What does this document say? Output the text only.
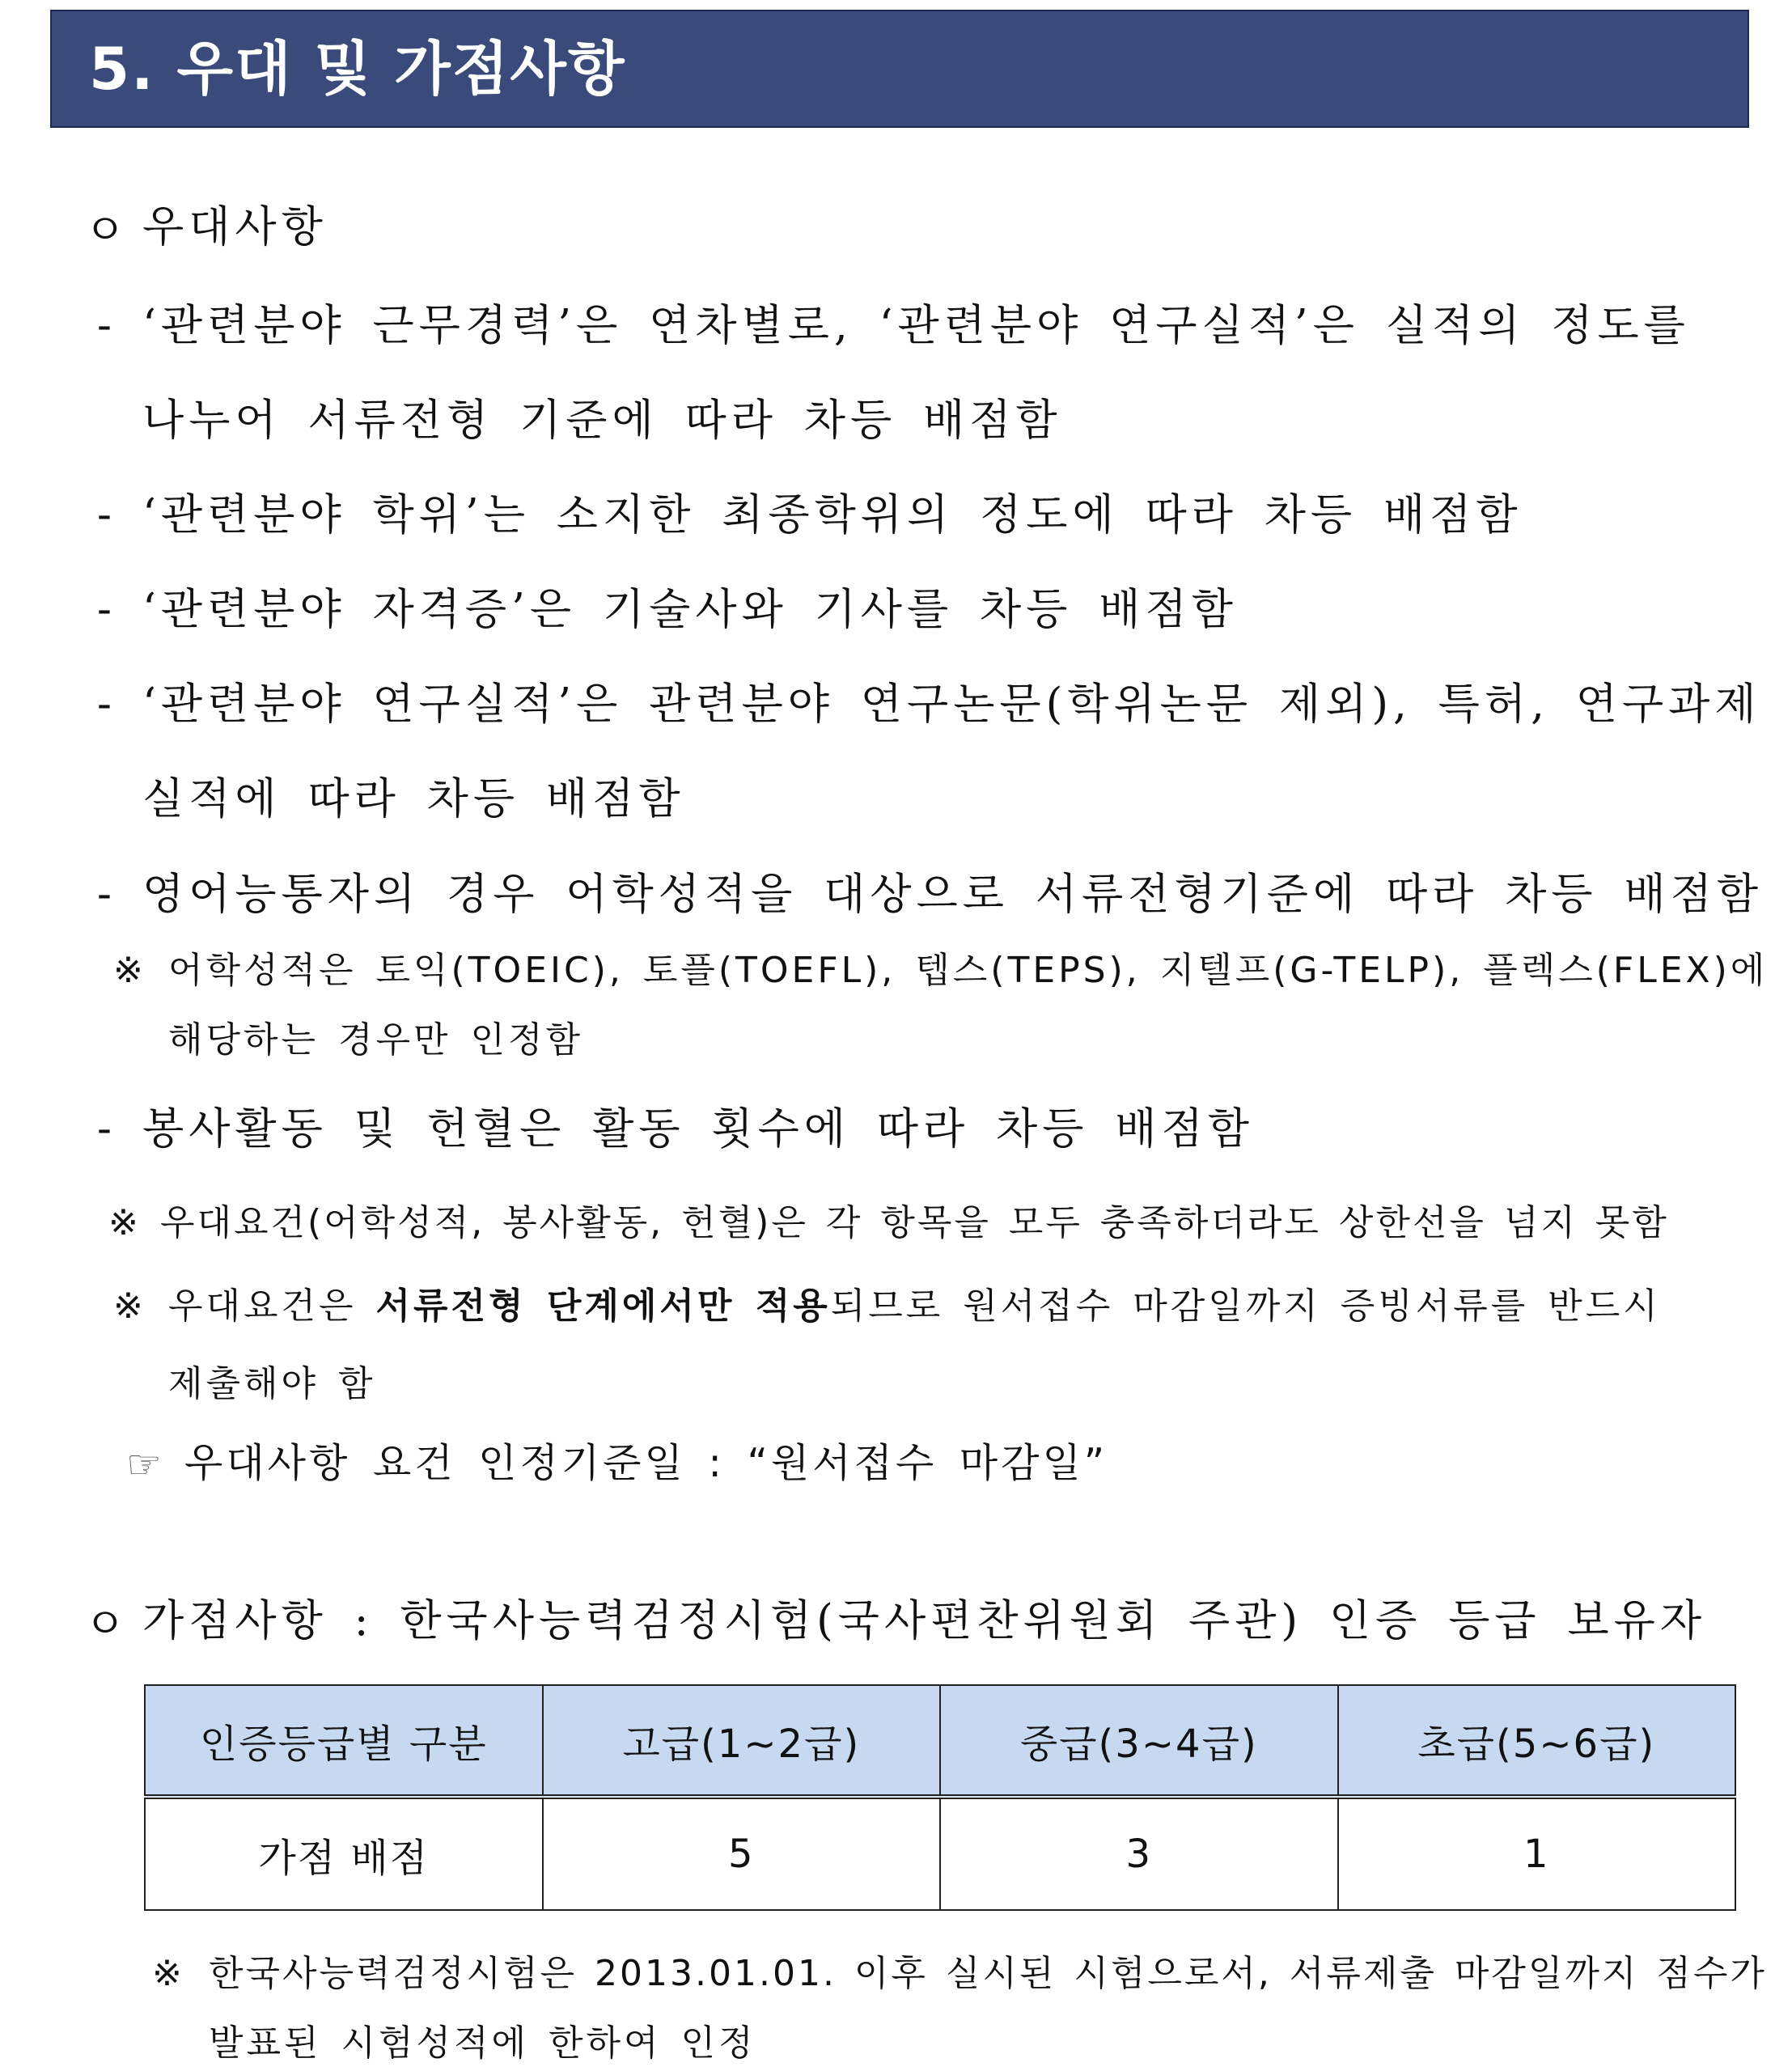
5. 우대 및 가점사항
ㅇ 우대사항
- ‘관련분야 근무경력’은 연차별로, ‘관련분야 연구실적’은 실적의 정도를
나누어 서류전형 기준에 따라 차등 배점함
- ‘관련분야 학위’는 소지한 최종학위의 정도에 따라 차등 배점함
- ‘관련분야 자격증’은 기술사와 기사를 차등 배점함
- ‘관련분야 연구실적’은 관련분야 연구논문(학위논문 제외), 특허, 연구과제
실적에 따라 차등 배점함
- 영어능통자의 경우 어학성적을 대상으로 서류전형기준에 따라 차등 배점함
※ 어학성적은 토익(TOEIC), 토플(TOEFL), 텝스(TEPS), 지텔프(G-TELP), 플렉스(FLEX)에
해당하는 경우만 인정함
- 봉사활동 및 헌혈은 활동 횟수에 따라 차등 배점함
※ 우대요건(어학성적, 봉사활동, 헌혈)은 각 항목을 모두 충족하더라도 상한선을 넘지 못함
※ 우대요건은 서류전형 단계에서만 적용되므로 원서접수 마감일까지 증빙서류를 반드시
제출해야 함
☞ 우대사항 요건 인정기준일 : “원서접수 마감일”
ㅇ 가점사항 : 한국사능력검정시험(국사편찬위원회 주관) 인증 등급 보유자
인증등급별 구분	고급(1~2급)	중급(3~4급)	초급(5~6급)
가점 배점	5	3	1
※ 한국사능력검정시험은 2013.01.01. 이후 실시된 시험으로서, 서류제출 마감일까지 점수가
발표된 시험성적에 한하여 인정
